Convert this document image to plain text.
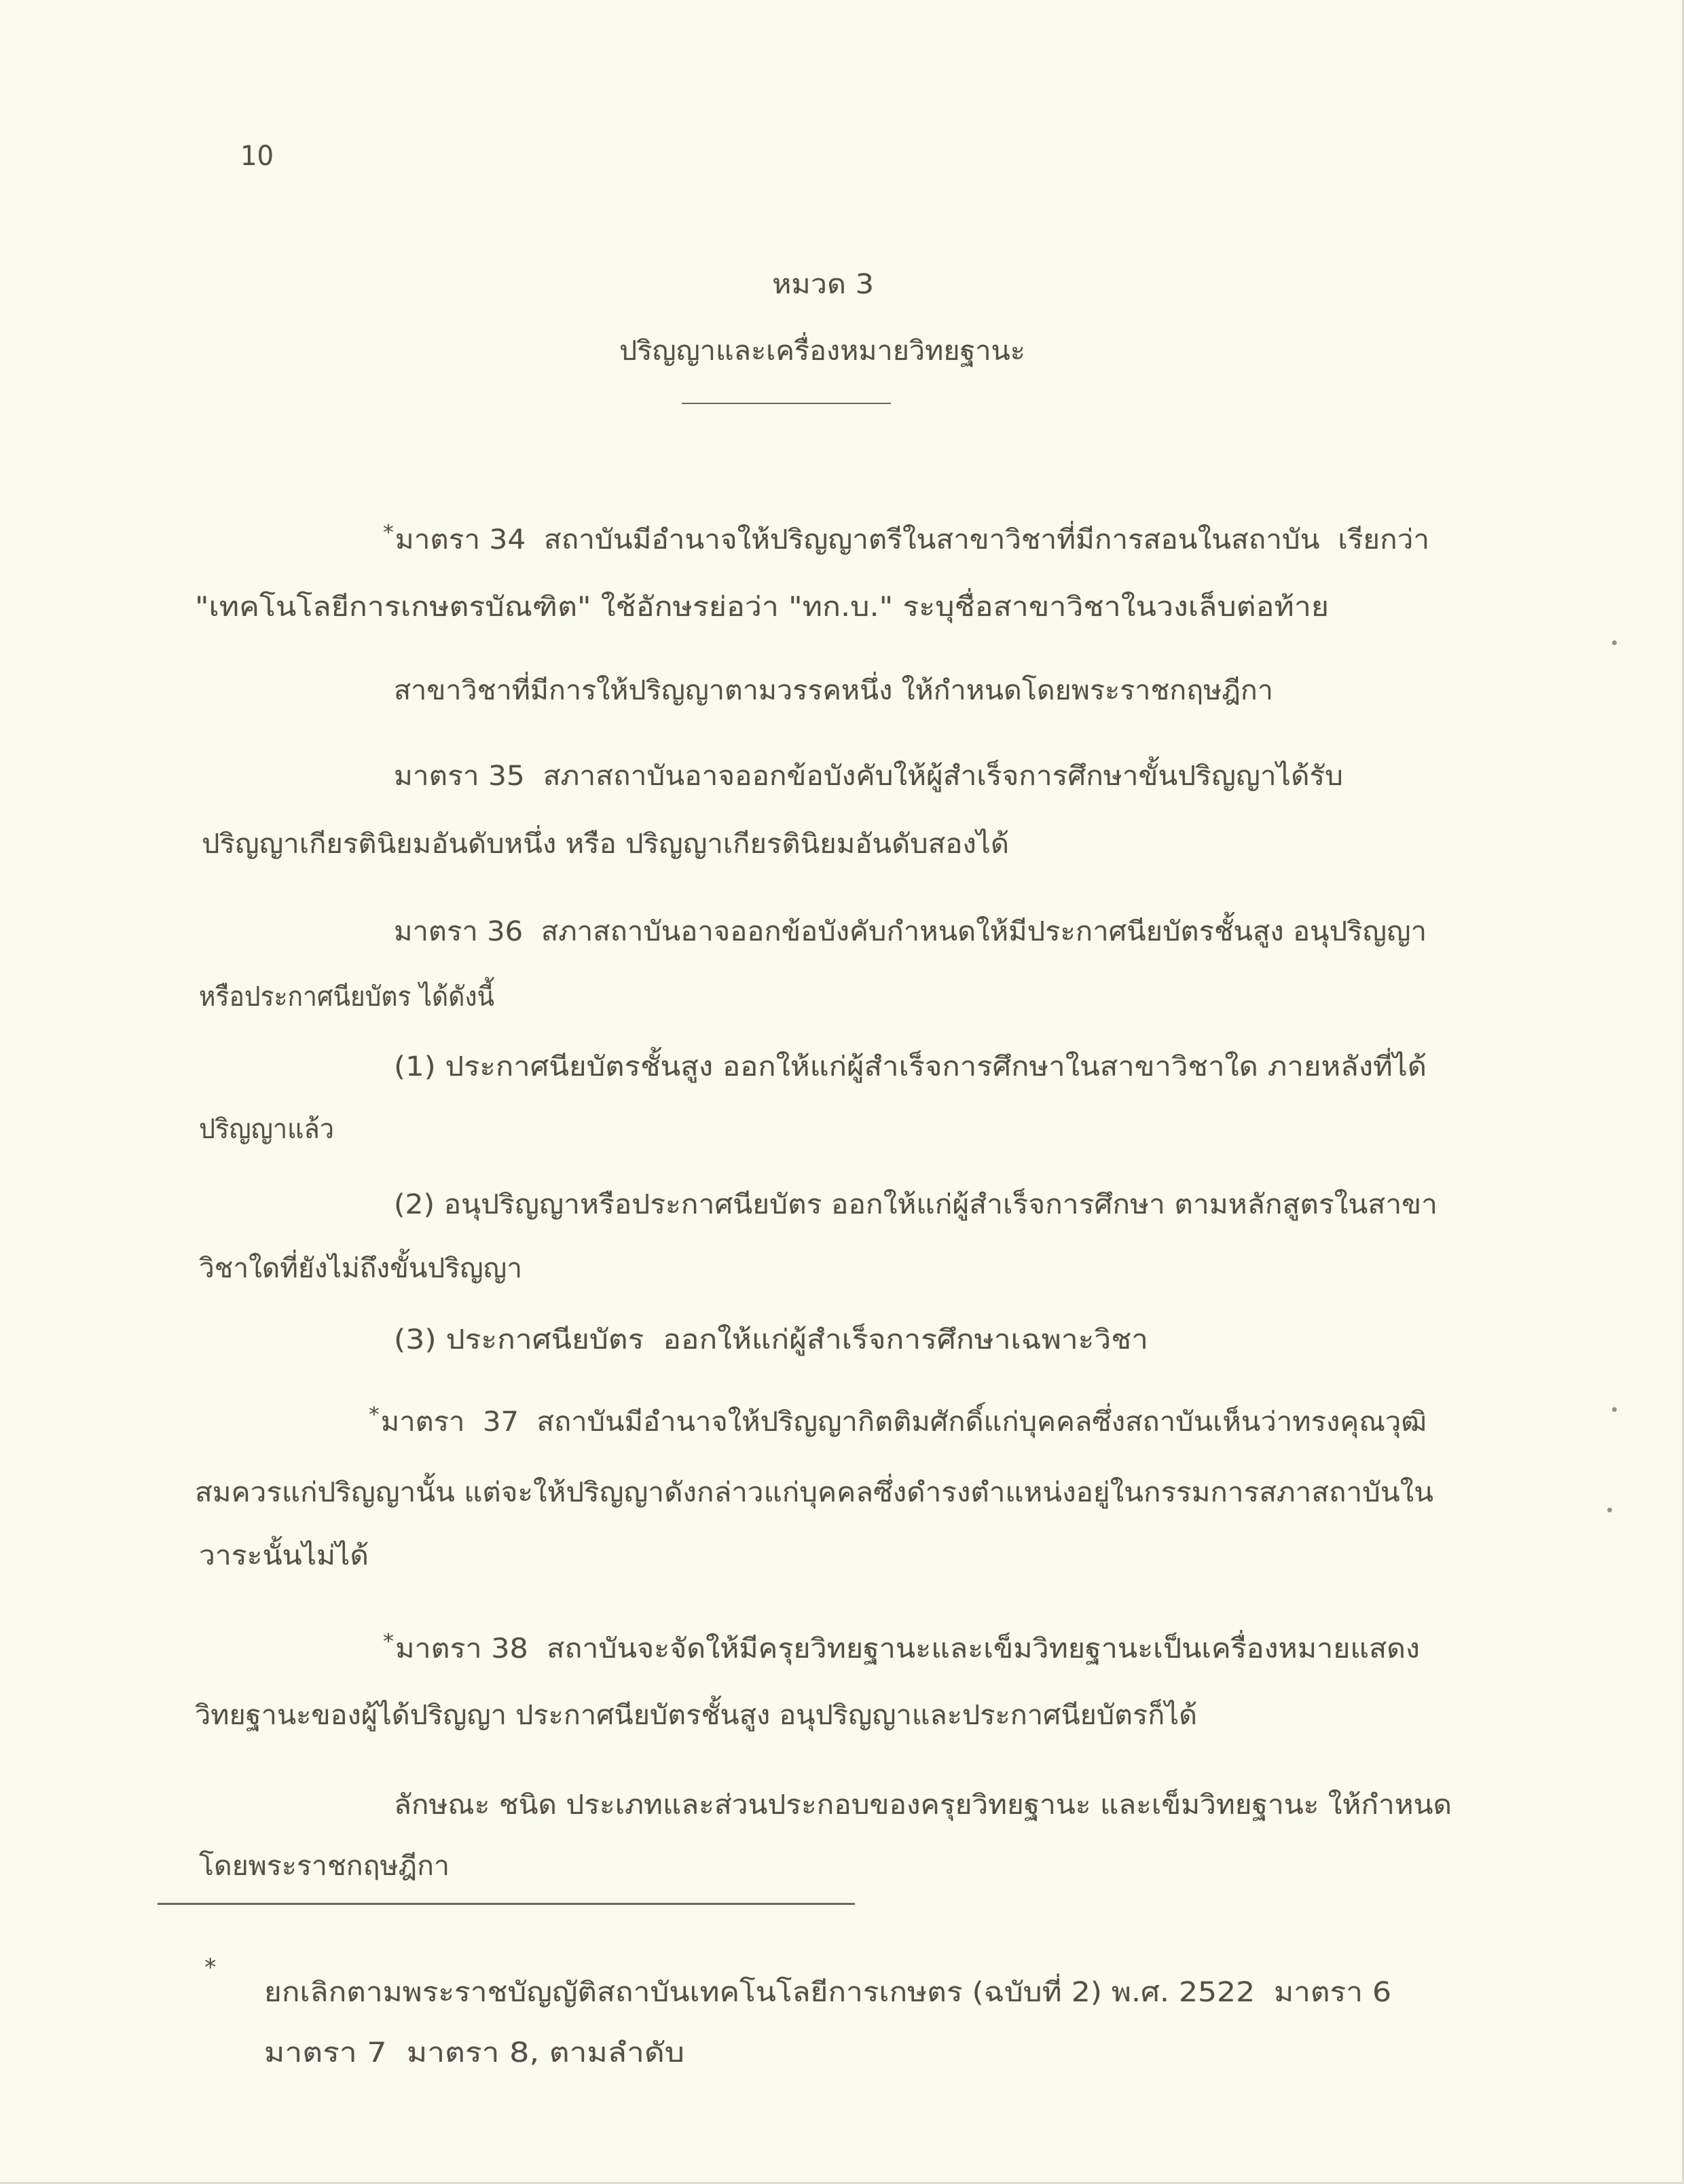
10

หมวด 3

ปริญญาและเครื่องหมายวิทยฐานะ

*มาตรา 34  สถาบันมีอำนาจให้ปริญญาตรีในสาขาวิชาที่มีการสอนในสถาบัน  เรียกว่า

"เทคโนโลยีการเกษตรบัณฑิต" ใช้อักษรย่อว่า "ทก.บ." ระบุชื่อสาขาวิชาในวงเล็บต่อท้าย

สาขาวิชาที่มีการให้ปริญญาตามวรรคหนึ่ง ให้กำหนดโดยพระราชกฤษฎีกา

มาตรา 35  สภาสถาบันอาจออกข้อบังคับให้ผู้สำเร็จการศึกษาขั้นปริญญาได้รับ

ปริญญาเกียรตินิยมอันดับหนึ่ง หรือ ปริญญาเกียรตินิยมอันดับสองได้

มาตรา 36  สภาสถาบันอาจออกข้อบังคับกำหนดให้มีประกาศนียบัตรชั้นสูง อนุปริญญา

หรือประกาศนียบัตร ได้ดังนี้

(1) ประกาศนียบัตรชั้นสูง ออกให้แก่ผู้สำเร็จการศึกษาในสาขาวิชาใด ภายหลังที่ได้

ปริญญาแล้ว

(2) อนุปริญญาหรือประกาศนียบัตร ออกให้แก่ผู้สำเร็จการศึกษา ตามหลักสูตรในสาขา

วิชาใดที่ยังไม่ถึงขั้นปริญญา

(3) ประกาศนียบัตร  ออกให้แก่ผู้สำเร็จการศึกษาเฉพาะวิชา

*มาตรา  37  สถาบันมีอำนาจให้ปริญญากิตติมศักดิ์แก่บุคคลซึ่งสถาบันเห็นว่าทรงคุณวุฒิ

สมควรแก่ปริญญานั้น แต่จะให้ปริญญาดังกล่าวแก่บุคคลซึ่งดำรงตำแหน่งอยู่ในกรรมการสภาสถาบันใน

วาระนั้นไม่ได้

*มาตรา 38  สถาบันจะจัดให้มีครุยวิทยฐานะและเข็มวิทยฐานะเป็นเครื่องหมายแสดง

วิทยฐานะของผู้ได้ปริญญา ประกาศนียบัตรชั้นสูง อนุปริญญาและประกาศนียบัตรก็ได้

ลักษณะ ชนิด ประเภทและส่วนประกอบของครุยวิทยฐานะ และเข็มวิทยฐานะ ให้กำหนด

โดยพระราชกฤษฎีกา

*

ยกเลิกตามพระราชบัญญัติสถาบันเทคโนโลยีการเกษตร (ฉบับที่ 2) พ.ศ. 2522  มาตรา 6

มาตรา 7  มาตรา 8, ตามลำดับ
